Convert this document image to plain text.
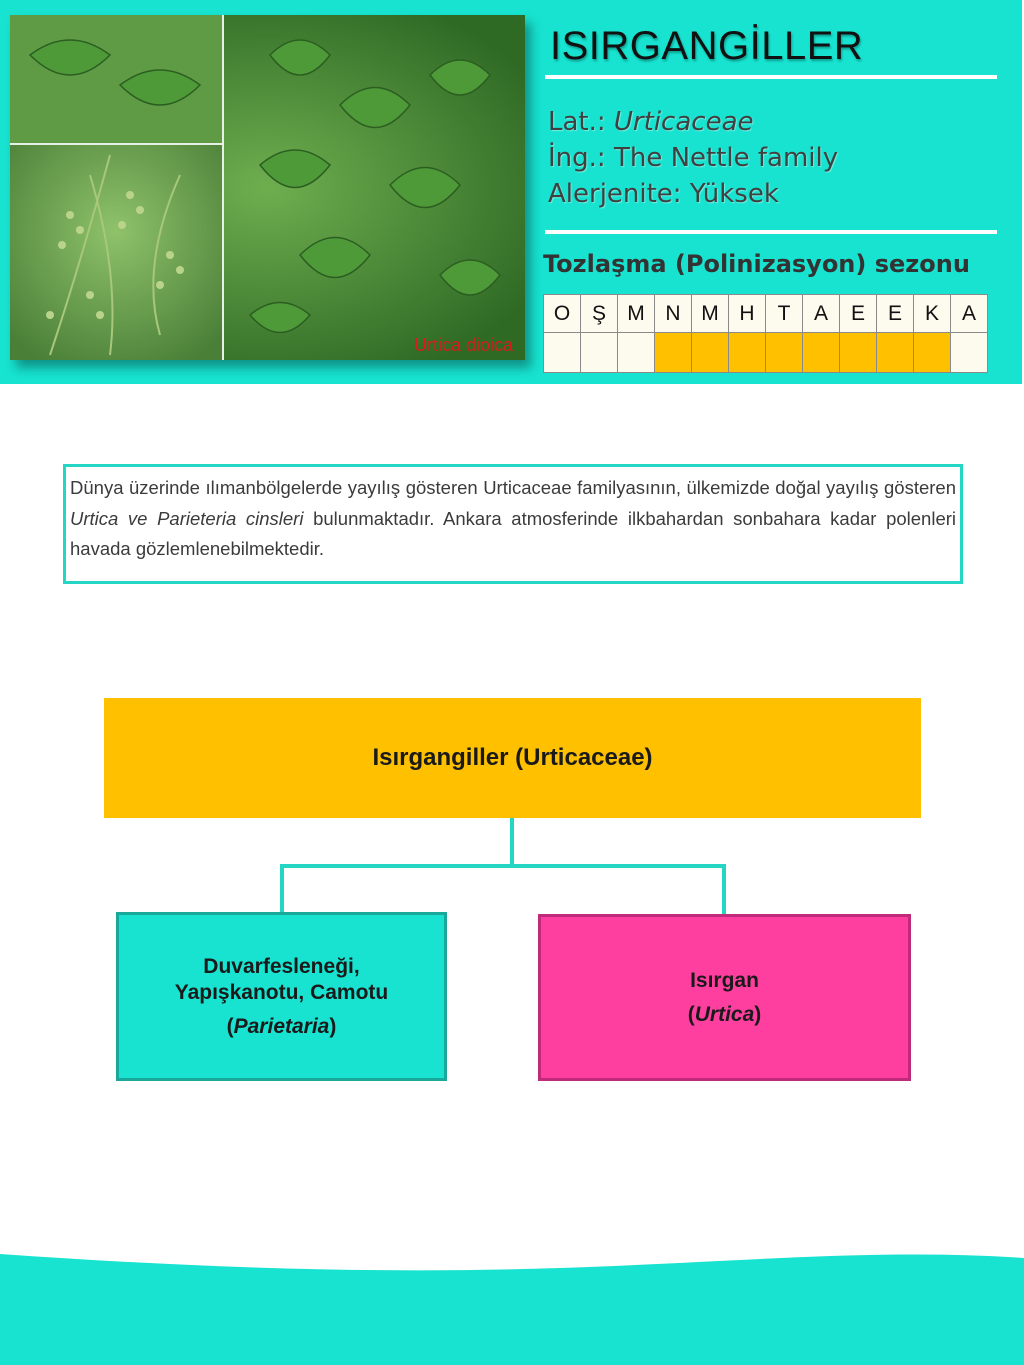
Urtica dioica
ISIRGANGİLLER
Lat.: Urticaceae
İng.: The Nettle family
Alerjenite: Yüksek
Tozlaşma (Polinizasyon) sezonu
O	Ş	M	N	M	H	T	A	E	E	K	A

Dünya üzerinde ılımanbölgelerde yayılış gösteren Urticaceae familyasının, ülkemizde doğal yayılış gösteren Urtica ve Parieteria cinsleri bulunmaktadır. Ankara atmosferinde ilkbahardan sonbahara kadar polenleri havada gözlemlenebilmektedir.
Isırgangiller (Urticaceae)
Duvarfesleneği,
Yapışkanotu, Camotu
(Parietaria)
Isırgan
(Urtica)
